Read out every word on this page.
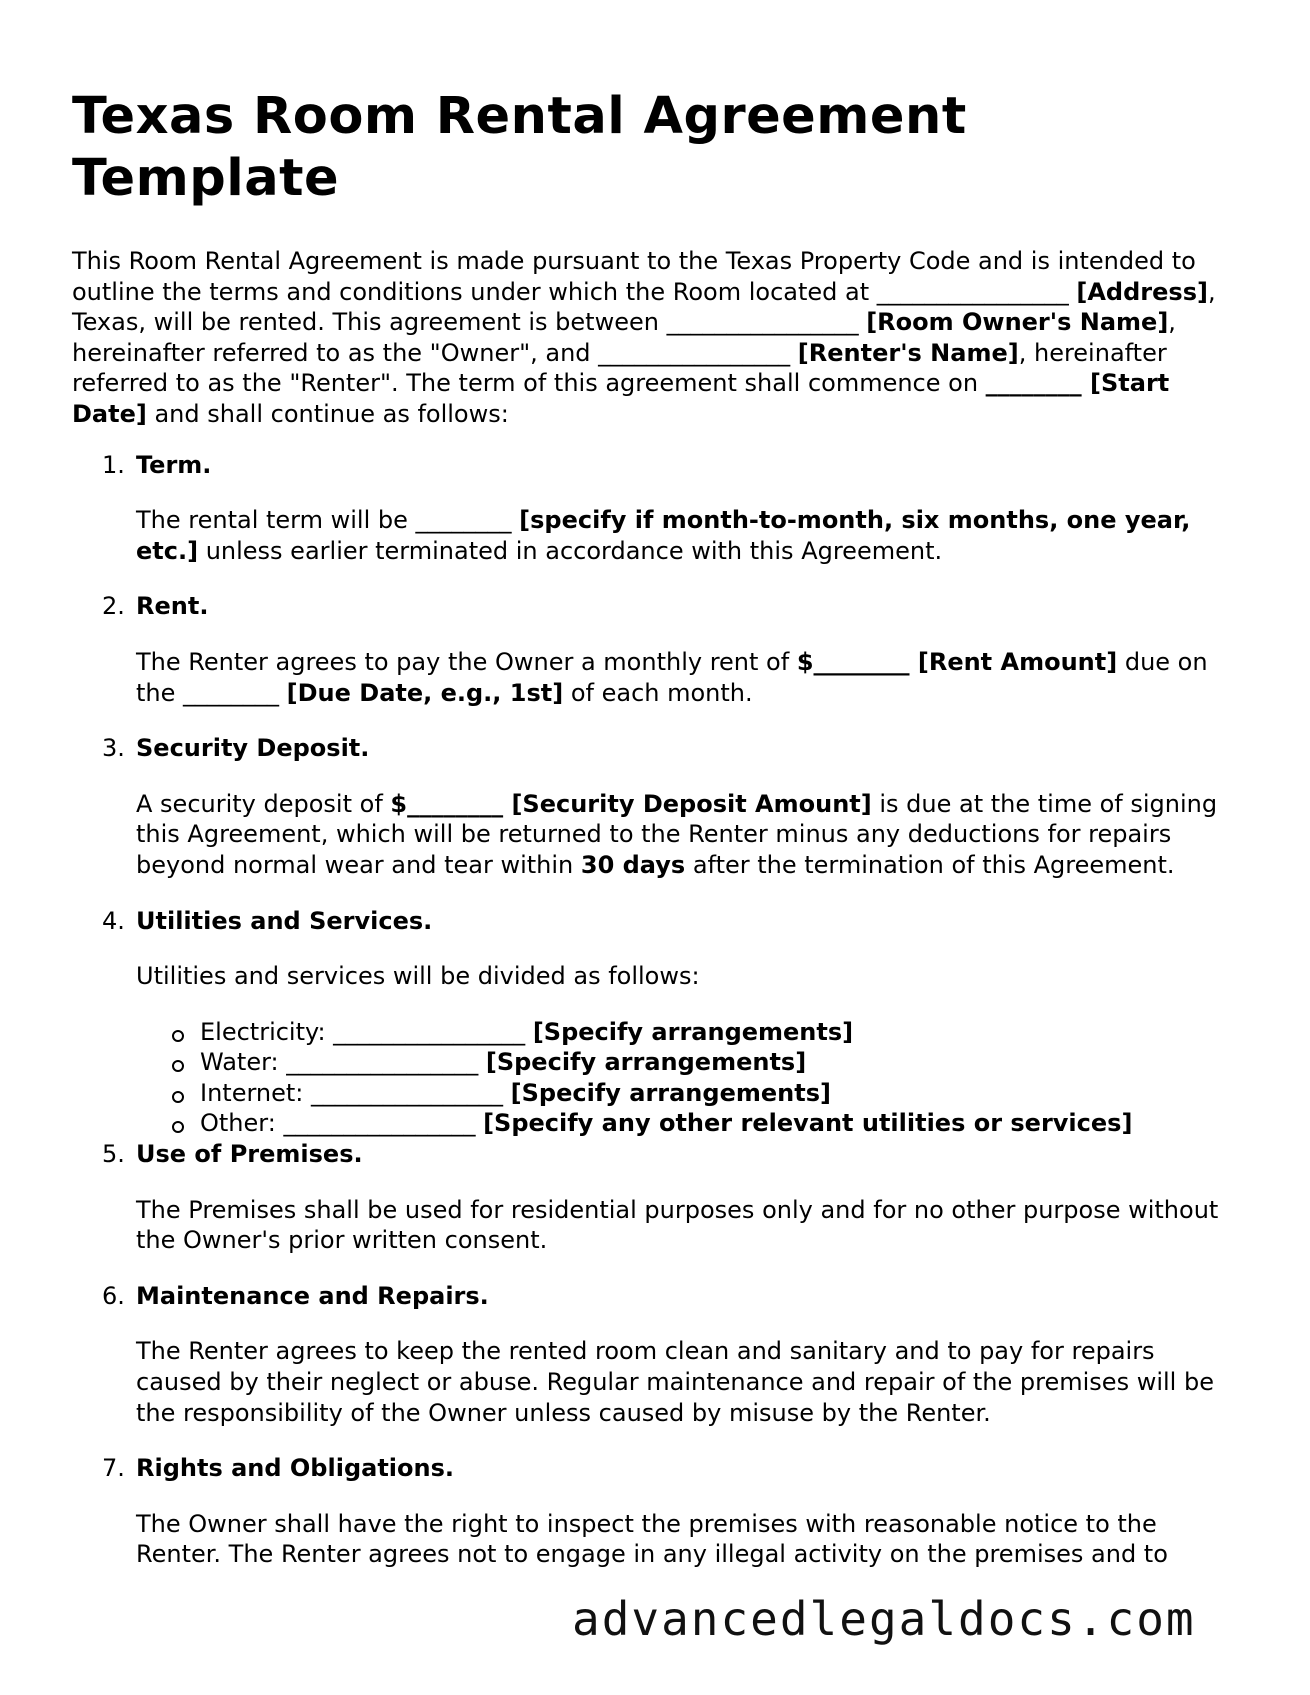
Texas Room Rental Agreement Template

This Room Rental Agreement is made pursuant to the Texas Property Code and is intended to outline the terms and conditions under which the Room located at ________________ [Address], Texas, will be rented. This agreement is between ________________ [Room Owner's Name], hereinafter referred to as the "Owner", and ________________ [Renter's Name], hereinafter referred to as the "Renter". The term of this agreement shall commence on ________ [Start Date] and shall continue as follows:

1. Term.
The rental term will be ________ [specify if month-to-month, six months, one year, etc.] unless earlier terminated in accordance with this Agreement.
2. Rent.
The Renter agrees to pay the Owner a monthly rent of $________ [Rent Amount] due on the ________ [Due Date, e.g., 1st] of each month.
3. Security Deposit.
A security deposit of $________ [Security Deposit Amount] is due at the time of signing this Agreement, which will be returned to the Renter minus any deductions for repairs beyond normal wear and tear within 30 days after the termination of this Agreement.
4. Utilities and Services.
Utilities and services will be divided as follows:
Electricity: ________________ [Specify arrangements]
Water: ________________ [Specify arrangements]
Internet: ________________ [Specify arrangements]
Other: ________________ [Specify any other relevant utilities or services]
5. Use of Premises.
The Premises shall be used for residential purposes only and for no other purpose without the Owner's prior written consent.
6. Maintenance and Repairs.
The Renter agrees to keep the rented room clean and sanitary and to pay for repairs caused by their neglect or abuse. Regular maintenance and repair of the premises will be the responsibility of the Owner unless caused by misuse by the Renter.
7. Rights and Obligations.
The Owner shall have the right to inspect the premises with reasonable notice to the Renter. The Renter agrees not to engage in any illegal activity on the premises and to
advancedlegaldocs.com
